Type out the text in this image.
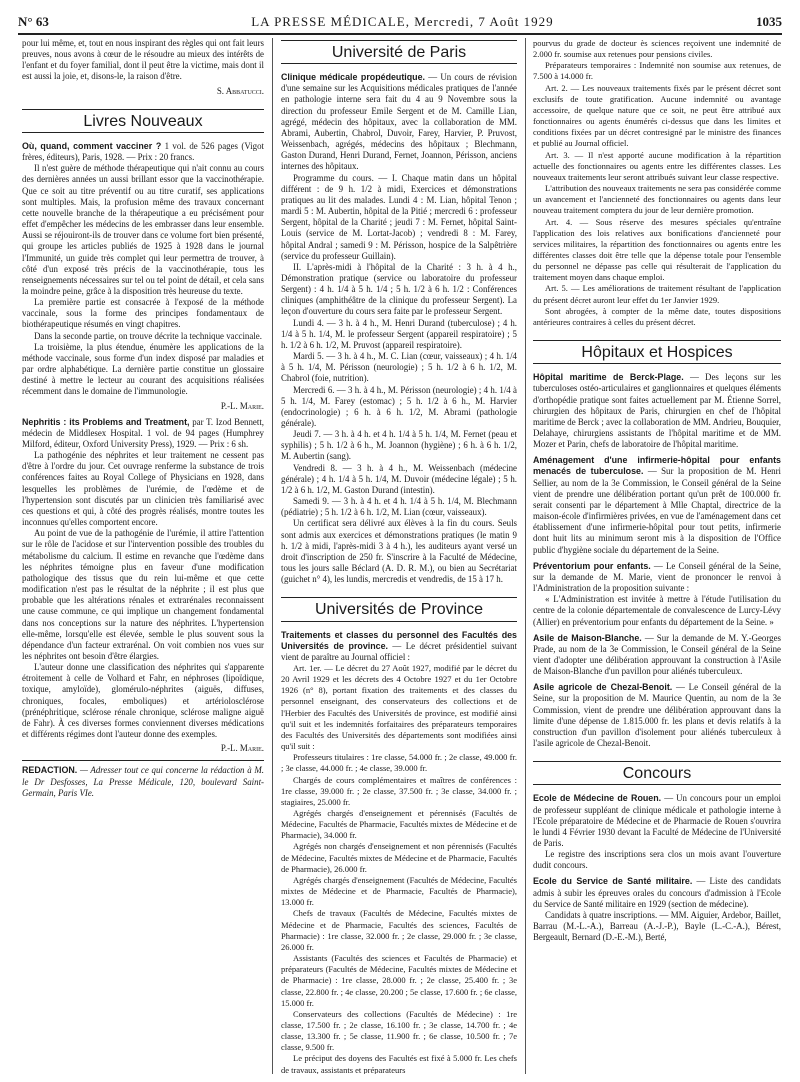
N° 63	LA PRESSE MÉDICALE, Mercredi, 7 Août 1929	1035

pour lui même, et, tout en nous inspirant des règles qui ont fait leurs preuves, nous avons à cœur de le résoudre au mieux des intérêts de l'enfant et du foyer familial, dont il peut être la victime, mais dont il est aussi la joie, et, disons-le, la raison d'être.

S. Abbatucci.

Livres Nouveaux

Où, quand, comment vacciner ? 1 vol. de 526 pages (Vigot frères, éditeurs), Paris, 1928. — Prix : 20 francs.

Il n'est guère de méthode thérapeutique qui n'ait connu au cours des dernières années un aussi brillant essor que la vaccinothérapie. Que ce soit au titre préventif ou au titre curatif, ses applications sont multiples. Mais, la profusion même des travaux concernant cette nouvelle branche de la thérapeutique a eu précisément pour effet d'empêcher les médecins de les embrasser dans leur ensemble. Aussi se réjouiront-ils de trouver dans ce volume fort bien présenté, qui groupe les articles publiés de 1925 à 1928 dans le journal l'Immunité, un guide très complet qui leur permettra de trouver, à côté d'un exposé très précis de la vaccinothérapie, tous les renseignements nécessaires sur tel ou tel point de détail, et cela sans la moindre peine, grâce à la disposition très heureuse du texte.

La première partie est consacrée à l'exposé de la méthode vaccinale, sous la forme des principes fondamentaux de biothérapeutique résumés en vingt chapitres.

Dans la seconde partie, on trouve décrite la technique vaccinale.

La troisième, la plus étendue, énumère les applications de la méthode vaccinale, sous forme d'un index disposé par maladies et par ordre alphabétique. La dernière partie constitue un glossaire destiné à mettre le lecteur au courant des acquisitions réalisées récemment dans le domaine de l'immunologie.

P.-L. Marie.

Nephritis : its Problems and Treatment, par T. Izod Bennett, médecin de Middlesex Hospital. 1 vol. de 94 pages (Humphrey Milford, éditeur, Oxford University Press), 1929. — Prix : 6 sh.

La pathogénie des néphrites et leur traitement ne cessent pas d'être à l'ordre du jour. Cet ouvrage renferme la substance de trois conférences faites au Royal College of Physicians en 1928, dans lesquelles les problèmes de l'urémie, de l'œdème et de l'hypertension sont discutés par un clinicien très familiarisé avec ces questions et qui, à côté des progrès réalisés, montre toutes les inconnues qu'elles comportent encore.

Au point de vue de la pathogénie de l'urémie, il attire l'attention sur le rôle de l'acidose et sur l'intervention possible des troubles du métabolisme du calcium. Il estime en revanche que l'œdème dans les néphrites témoigne plus en faveur d'une modification pathologique des tissus que du rein lui-même et que cette modification n'est pas le résultat de la néphrite ; il est plus que probable que les altérations rénales et extrarénales reconnaissent une cause commune, ce qui implique un changement fondamental dans nos conceptions sur la nature des néphrites. L'hypertension elle-même, lorsqu'elle est élevée, semble le plus souvent sous la dépendance d'un facteur extrarénal. On voit combien nos vues sur les néphrites ont besoin d'être élargies.

L'auteur donne une classification des néphrites qui s'apparente étroitement à celle de Volhard et Fahr, en néphroses (lipoïdique, toxique, amyloïde), glomérulo-néphrites (aiguës, diffuses, chroniques, focales, emboliques) et artériolosclérose (prénéphritique, sclérose rénale chronique, sclérose maligne aiguë de Fahr). À ces diverses formes conviennent diverses médications et différents régimes dont l'auteur donne des exemples.

P.-L. Marie.

REDACTION. — Adresser tout ce qui concerne la rédaction à M. le Dr Desfosses, La Presse Médicale, 120, boulevard Saint-Germain, Paris VIe.

Université de Paris

Clinique médicale propédeutique. — Un cours de révision d'une semaine sur les Acquisitions médicales pratiques de l'année en pathologie interne sera fait du 4 au 9 Novembre sous la direction du professeur Emile Sergent et de M. Camille Lian, agrégé, médecin des hôpitaux, avec la collaboration de MM. Abrami, Aubertin, Chabrol, Duvoir, Farey, Harvier, P. Pruvost, Weissenbach, agrégés, médecins des hôpitaux ; Blechmann, Gaston Durand, Henri Durand, Fernet, Joannon, Périsson, anciens internes des hôpitaux.

Programme du cours. — I. Chaque matin dans un hôpital différent : de 9 h. 1/2 à midi, Exercices et démonstrations pratiques au lit des malades. Lundi 4 : M. Lian, hôpital Tenon ; mardi 5 : M. Aubertin, hôpital de la Pitié ; mercredi 6 : professeur Sergent, hôpital de la Charité ; jeudi 7 : M. Fernet, hôpital Saint-Louis (service de M. Lortat-Jacob) ; vendredi 8 : M. Farey, hôpital Andral ; samedi 9 : M. Périsson, hospice de la Salpêtrière (service du professeur Guillain).

II. L'après-midi à l'hôpital de la Charité : 3 h. à 4 h., Démonstration pratique (service ou laboratoire du professeur Sergent) : 4 h. 1/4 à 5 h. 1/4 ; 5 h. 1/2 à 6 h. 1/2 : Conférences cliniques (amphithéâtre de la clinique du professeur Sergent). La leçon d'ouverture du cours sera faite par le professeur Sergent.

Lundi 4. — 3 h. à 4 h., M. Henri Durand (tuberculose) ; 4 h. 1/4 à 5 h. 1/4, M. le professeur Sergent (appareil respiratoire) ; 5 h. 1/2 à 6 h. 1/2, M. Pruvost (appareil respiratoire).

Mardi 5. — 3 h. à 4 h., M. C. Lian (cœur, vaisseaux) ; 4 h. 1/4 à 5 h. 1/4, M. Périsson (neurologie) ; 5 h. 1/2 à 6 h. 1/2, M. Chabrol (foie, nutrition).

Mercredi 6. — 3 h. à 4 h., M. Périsson (neurologie) ; 4 h. 1/4 à 5 h. 1/4, M. Farey (estomac) ; 5 h. 1/2 à 6 h., M. Harvier (endocrinologie) ; 6 h. à 6 h. 1/2, M. Abrami (pathologie générale).

Jeudi 7. — 3 h. à 4 h. et 4 h. 1/4 à 5 h. 1/4, M. Fernet (peau et syphilis) ; 5 h. 1/2 à 6 h., M. Joannon (hygiène) ; 6 h. à 6 h. 1/2, M. Aubertin (sang).

Vendredi 8. — 3 h. à 4 h., M. Weissenbach (médecine générale) ; 4 h. 1/4 à 5 h. 1/4, M. Duvoir (médecine légale) ; 5 h. 1/2 à 6 h. 1/2, M. Gaston Durand (intestin).

Samedi 9. — 3 h. à 4 h. et 4 h. 1/4 à 5 h. 1/4, M. Blechmann (pédiatrie) ; 5 h. 1/2 à 6 h. 1/2, M. Lian (cœur, vaisseaux).

Un certificat sera délivré aux élèves à la fin du cours. Seuls sont admis aux exercices et démonstrations pratiques (le matin 9 h. 1/2 à midi, l'après-midi 3 à 4 h.), les auditeurs ayant versé un droit d'inscription de 250 fr. S'inscrire à la Faculté de Médecine, tous les jours salle Béclard (A. D. R. M.), ou bien au Secrétariat (guichet n° 4), les lundis, mercredis et vendredis, de 15 à 17 h.

Universités de Province

Traitements et classes du personnel des Facultés des Universités de province. — Le décret présidentiel suivant vient de paraître au Journal officiel :

Art. 1er. — Le décret du 27 Août 1927, modifié par le décret du 20 Avril 1929 et les décrets des 4 Octobre 1927 et du 1er Octobre 1926 (n° 8), portant fixation des traitements et des classes du personnel enseignant, des conservateurs des collections et de l'Herbier des Facultés des Universités de province, est modifié ainsi qu'il suit et les indemnités forfaitaires des préparateurs temporaires des Facultés des Universités des départements sont modifiées ainsi qu'il suit :

Professeurs titulaires : 1re classe, 54.000 fr. ; 2e classe, 49.000 fr. ; 3e classe, 44.000 fr. ; 4e classe, 39.000 fr.

Chargés de cours complémentaires et maîtres de conférences : 1re classe, 39.000 fr. ; 2e classe, 37.500 fr. ; 3e classe, 34.000 fr. ; stagiaires, 25.000 fr.

Agrégés chargés d'enseignement et pérennisés (Facultés de Médecine, Facultés de Pharmacie, Facultés mixtes de Médecine et de Pharmacie), 34.000 fr.

Agrégés non chargés d'enseignement et non pérennisés (Facultés de Médecine, Facultés mixtes de Médecine et de Pharmacie, Facultés de Pharmacie), 26.000 fr.

Agrégés chargés d'enseignement (Facultés de Médecine, Facultés mixtes de Médecine et de Pharmacie, Facultés de Pharmacie), 13.000 fr.

Chefs de travaux (Facultés de Médecine, Facultés mixtes de Médecine et de Pharmacie, Facultés des sciences, Facultés de Pharmacie) : 1re classe, 32.000 fr. ; 2e classe, 29.000 fr. ; 3e classe, 26.000 fr.

Assistants (Facultés des sciences et Facultés de Pharmacie) et préparateurs (Facultés de Médecine, Facultés mixtes de Médecine et de Pharmacie) : 1re classe, 28.000 fr. ; 2e classe, 25.400 fr. ; 3e classe, 22.800 fr. ; 4e classe, 20.200 ; 5e classe, 17.600 fr. ; 6e classe, 15.000 fr.

Conservateurs des collections (Facultés de Médecine) : 1re classe, 17.500 fr. ; 2e classe, 16.100 fr. ; 3e classe, 14.700 fr. ; 4e classe, 13.300 fr. ; 5e classe, 11.900 fr. ; 6e classe, 10.500 fr. ; 7e classe, 9.500 fr.

Le préciput des doyens des Facultés est fixé à 5.000 fr. Les chefs de travaux, assistants et préparateurs

pourvus du grade de docteur ès sciences reçoivent une indemnité de 2.000 fr. soumise aux retenues pour pensions civiles.

Préparateurs temporaires : Indemnité non soumise aux retenues, de 7.500 à 14.000 fr.

Art. 2. — Les nouveaux traitements fixés par le présent décret sont exclusifs de toute gratification. Aucune indemnité ou avantage accessoire, de quelque nature que ce soit, ne peut être attribué aux fonctionnaires ou agents énumérés ci-dessus que dans les limites et conditions fixées par un décret contresigné par le ministre des finances et publié au Journal officiel.

Art. 3. — Il n'est apporté aucune modification à la répartition actuelle des fonctionnaires ou agents entre les différentes classes. Les nouveaux traitements leur seront attribués suivant leur classe respective.

L'attribution des nouveaux traitements ne sera pas considérée comme un avancement et l'ancienneté des fonctionnaires ou agents dans leur nouveau traitement comptera du jour de leur dernière promotion.

Art. 4. — Sous réserve des mesures spéciales qu'entraîne l'application des lois relatives aux bonifications d'ancienneté pour services militaires, la répartition des fonctionnaires ou agents entre les différentes classes doit être telle que la dépense totale pour l'ensemble du personnel ne dépasse pas celle qui résulterait de l'application du traitement moyen dans chaque emploi.

Art. 5. — Les améliorations de traitement résultant de l'application du présent décret auront leur effet du 1er Janvier 1929.

Sont abrogées, à compter de la même date, toutes dispositions antérieures contraires à celles du présent décret.

Hôpitaux et Hospices

Hôpital maritime de Berck-Plage. — Des leçons sur les tuberculoses ostéo-articulaires et ganglionnaires et quelques éléments d'orthopédie pratique sont faites actuellement par M. Étienne Sorrel, chirurgien des hôpitaux de Paris, chirurgien en chef de l'hôpital maritime de Berck ; avec la collaboration de MM. Andrieu, Bouquier, Delahaye, chirurgiens assistants de l'hôpital maritime et de MM. Mozer et Parin, chefs de laboratoire de l'hôpital maritime.

Aménagement d'une infirmerie-hôpital pour enfants menacés de tuberculose. — Sur la proposition de M. Henri Sellier, au nom de la 3e Commission, le Conseil général de la Seine vient de prendre une délibération portant qu'un prêt de 100.000 fr. serait consenti par le département à Mlle Chaptal, directrice de la maison-école d'infirmières privées, en vue de l'aménagement dans cet établissement d'une infirmerie-hôpital pour tout petits, infirmerie dont huit lits au minimum seront mis à la disposition de l'Office public d'hygiène sociale du département de la Seine.

Préventorium pour enfants. — Le Conseil général de la Seine, sur la demande de M. Marie, vient de prononcer le renvoi à l'Administration de la proposition suivante :

« L'Administration est invitée à mettre à l'étude l'utilisation du centre de la colonie départementale de convalescence de Lurcy-Lévy (Allier) en préventorium pour enfants du département de la Seine. »

Asile de Maison-Blanche. — Sur la demande de M. Y.-Georges Prade, au nom de la 3e Commission, le Conseil général de la Seine vient d'adopter une délibération approuvant la construction à l'Asile de Maison-Blanche d'un pavillon pour aliénés tuberculeux.

Asile agricole de Chezal-Benoit. — Le Conseil général de la Seine, sur la proposition de M. Maurice Quentin, au nom de la 3e Commission, vient de prendre une délibération approuvant dans la limite d'une dépense de 1.815.000 fr. les plans et devis relatifs à la construction d'un pavillon d'isolement pour aliénés tuberculeux à l'asile agricole de Chezal-Benoit.

Concours

Ecole de Médecine de Rouen. — Un concours pour un emploi de professeur suppléant de clinique médicale et pathologie interne à l'Ecole préparatoire de Médecine et de Pharmacie de Rouen s'ouvrira le lundi 4 Février 1930 devant la Faculté de Médecine de l'Université de Paris.

Le registre des inscriptions sera clos un mois avant l'ouverture dudit concours.

Ecole du Service de Santé militaire. — Liste des candidats admis à subir les épreuves orales du concours d'admission à l'Ecole du Service de Santé militaire en 1929 (section de médecine).

Candidats à quatre inscriptions. — MM. Aiguier, Ardebor, Baillet, Barrau (M.-L.-A.), Barreau (A.-J.-P.), Bayle (L.-C.-A.), Bérest, Bergeault, Bernard (D.-E.-M.), Berté,
